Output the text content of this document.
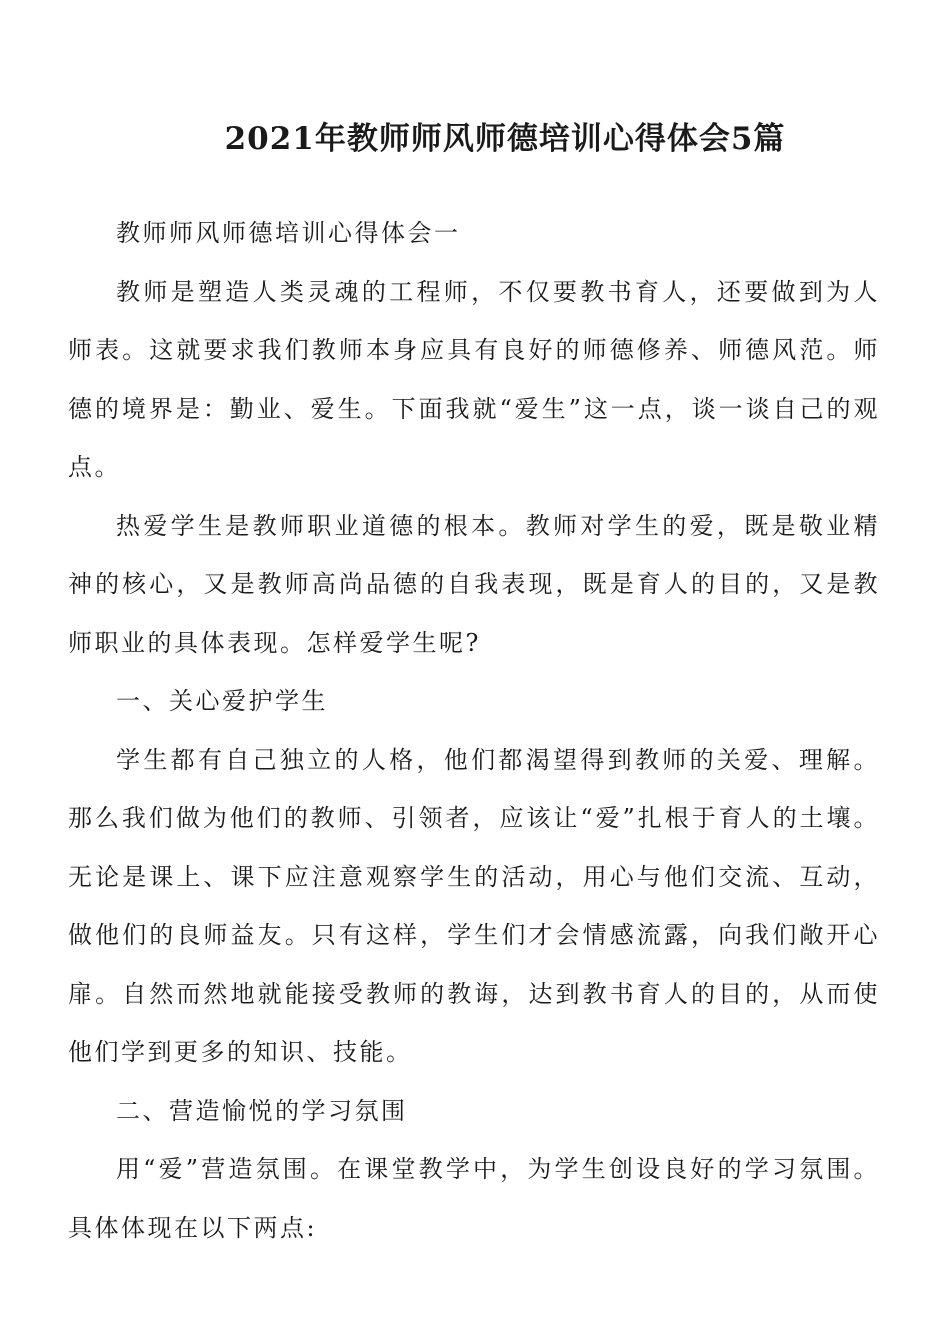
2021年教师师风师德培训心得体会5篇

教师师风师德培训心得体会一

教师是塑造人类灵魂的工程师，不仅要教书育人，还要做到为人师表。这就要求我们教师本身应具有良好的师德修养、师德风范。师德的境界是：勤业、爱生。下面我就“爱生”这一点，谈一谈自己的观点。

热爱学生是教师职业道德的根本。教师对学生的爱，既是敬业精神的核心，又是教师高尚品德的自我表现，既是育人的目的，又是教师职业的具体表现。怎样爱学生呢?

一、关心爱护学生

学生都有自己独立的人格，他们都渴望得到教师的关爱、理解。那么我们做为他们的教师、引领者，应该让“爱”扎根于育人的土壤。无论是课上、课下应注意观察学生的活动，用心与他们交流、互动，做他们的良师益友。只有这样，学生们才会情感流露，向我们敞开心扉。自然而然地就能接受教师的教诲，达到教书育人的目的，从而使他们学到更多的知识、技能。

二、营造愉悦的学习氛围

用“爱”营造氛围。在课堂教学中，为学生创设良好的学习氛围。具体体现在以下两点:
